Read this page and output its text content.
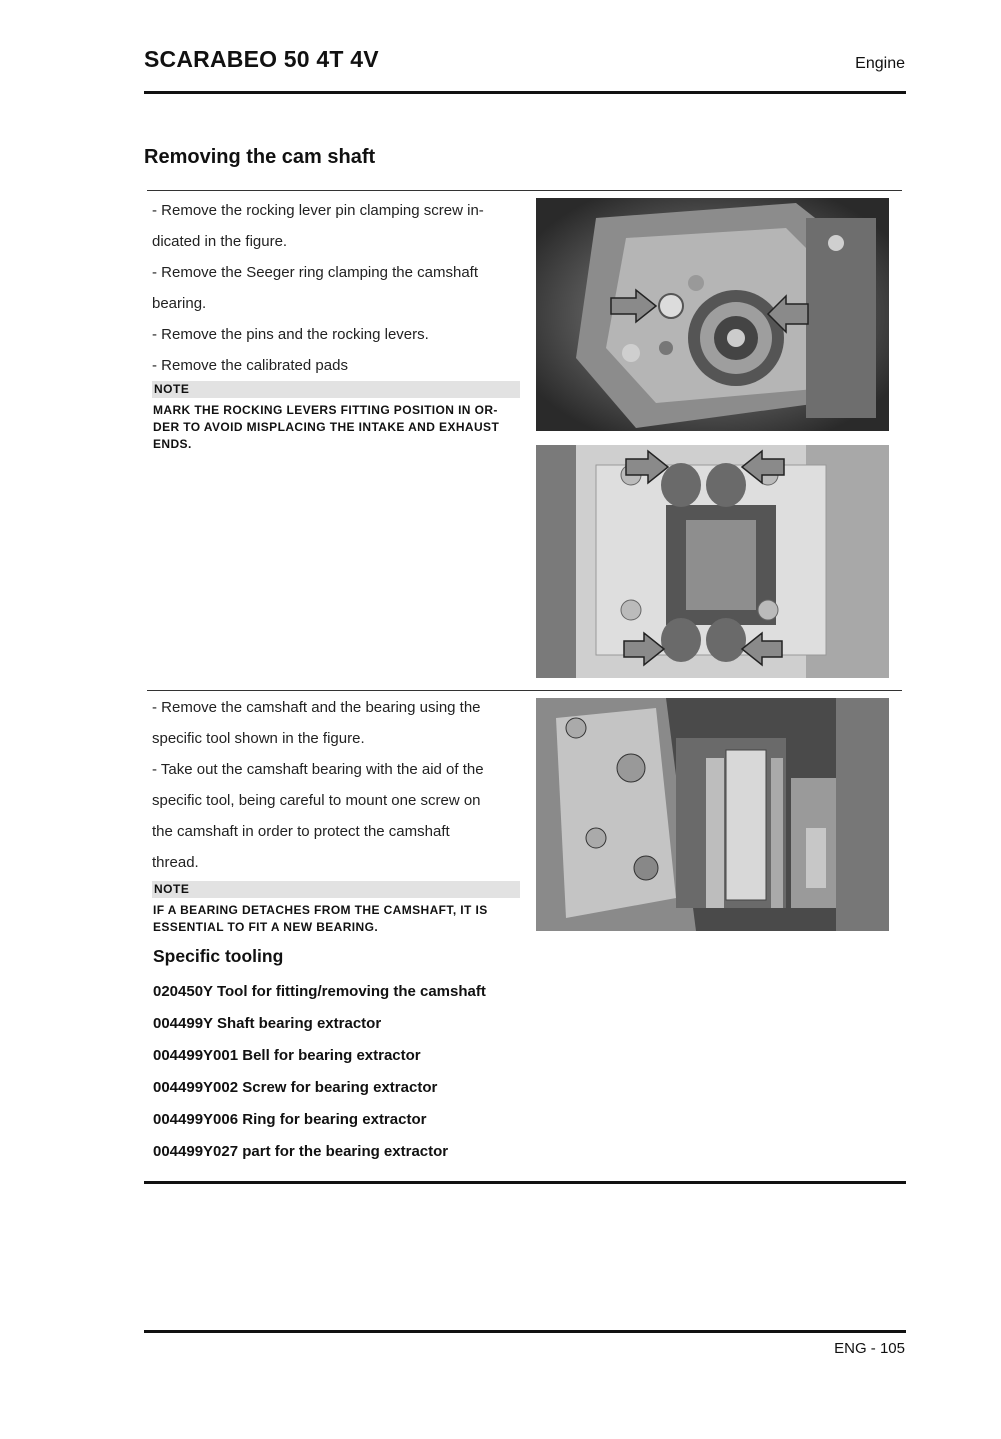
SCARABEO 50 4T 4V	Engine
Removing the cam shaft

- Remove the rocking lever pin clamping screw in-

dicated in the figure.

- Remove the Seeger ring clamping the camshaft

bearing.

- Remove the pins and the rocking levers.

- Remove the calibrated pads

NOTE
MARK THE ROCKING LEVERS FITTING POSITION IN OR-
DER TO AVOID MISPLACING THE INTAKE AND EXHAUST
ENDS.

- Remove the camshaft and the bearing using the

specific tool shown in the figure.

- Take out the camshaft bearing with the aid of the

specific tool, being careful to mount one screw on

the camshaft in order to protect the camshaft

thread.

NOTE
IF A BEARING DETACHES FROM THE CAMSHAFT, IT IS
ESSENTIAL TO FIT A NEW BEARING.
Specific tooling
020450Y Tool for fitting/removing the camshaft
004499Y Shaft bearing extractor
004499Y001 Bell for bearing extractor
004499Y002 Screw for bearing extractor
004499Y006 Ring for bearing extractor
004499Y027 part for the bearing extractor
ENG - 105
